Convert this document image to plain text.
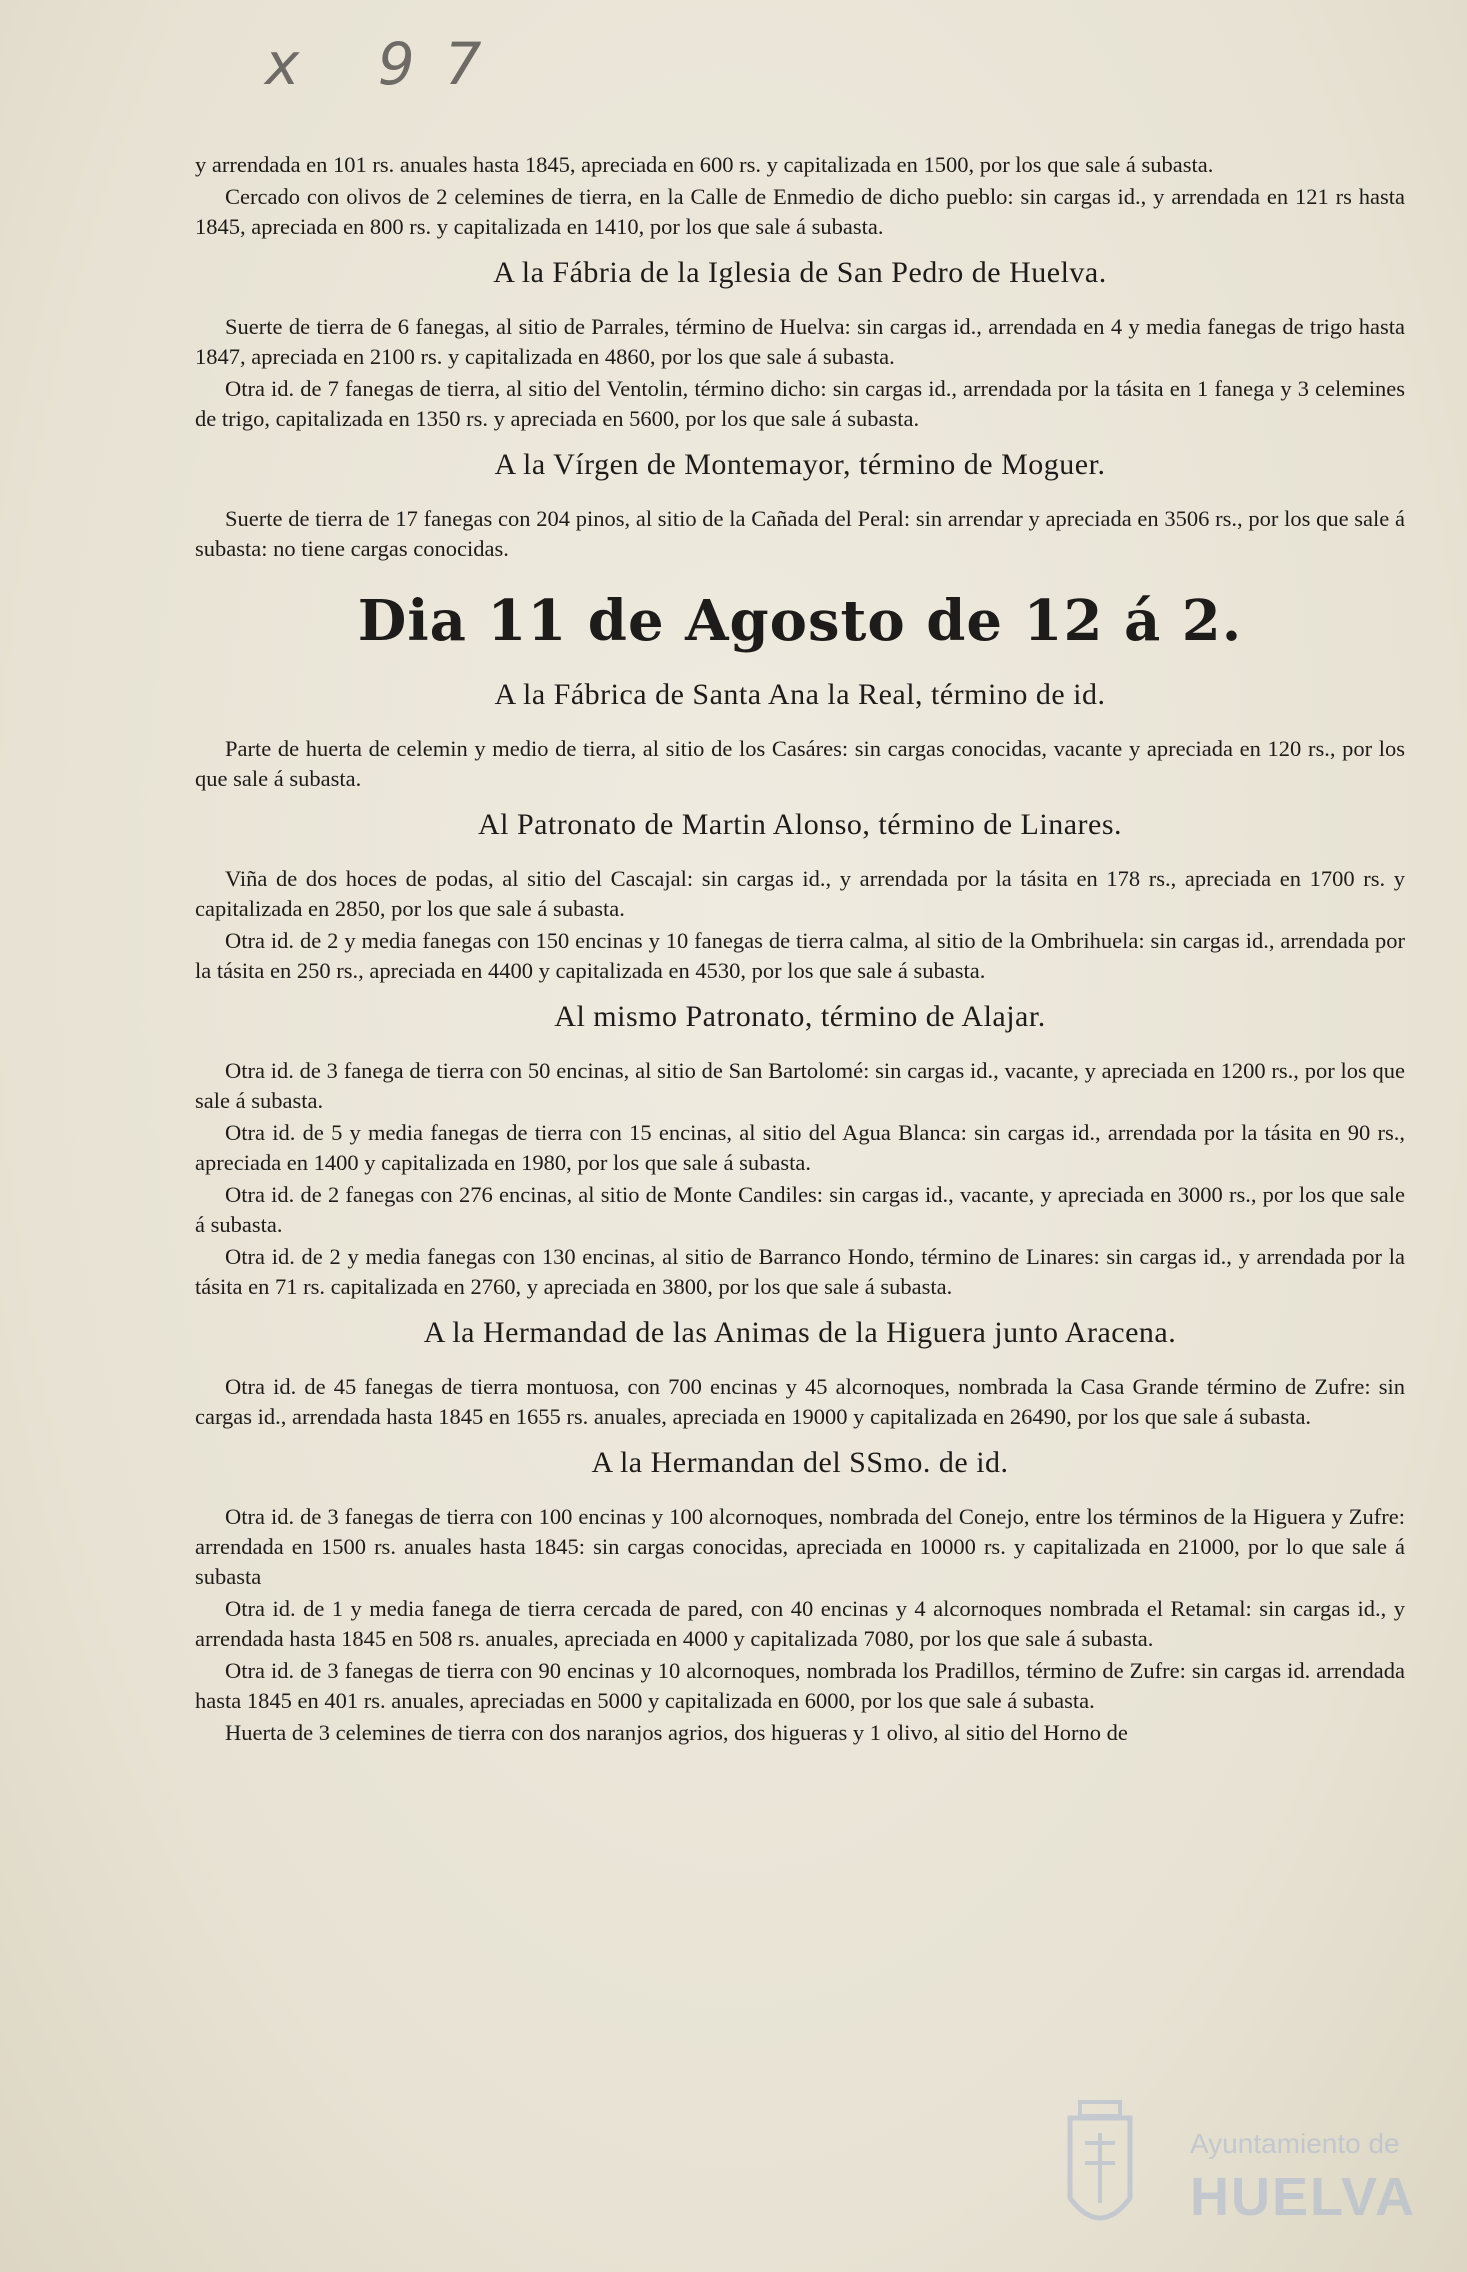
x 97

y arrendada en 101 rs. anuales hasta 1845, apreciada en 600 rs. y capitalizada en 1500, por los que sale á subasta.

Cercado con olivos de 2 celemines de tierra, en la Calle de Enmedio de dicho pueblo: sin cargas id., y arrendada en 121 rs hasta 1845, apreciada en 800 rs. y capitalizada en 1410, por los que sale á subasta.

A la Fábria de la Iglesia de San Pedro de Huelva.

Suerte de tierra de 6 fanegas, al sitio de Parrales, término de Huelva: sin cargas id., arrendada en 4 y media fanegas de trigo hasta 1847, apreciada en 2100 rs. y capitalizada en 4860, por los que sale á subasta.

Otra id. de 7 fanegas de tierra, al sitio del Ventolin, término dicho: sin cargas id., arrendada por la tásita en 1 fanega y 3 celemines de trigo, capitalizada en 1350 rs. y apreciada en 5600, por los que sale á subasta.

A la Vírgen de Montemayor, término de Moguer.

Suerte de tierra de 17 fanegas con 204 pinos, al sitio de la Cañada del Peral: sin arrendar y apreciada en 3506 rs., por los que sale á subasta: no tiene cargas conocidas.

Dia 11 de Agosto de 12 á 2.
A la Fábrica de Santa Ana la Real, término de id.

Parte de huerta de celemin y medio de tierra, al sitio de los Casáres: sin cargas conocidas, vacante y apreciada en 120 rs., por los que sale á subasta.

Al Patronato de Martin Alonso, término de Linares.

Viña de dos hoces de podas, al sitio del Cascajal: sin cargas id., y arrendada por la tásita en 178 rs., apreciada en 1700 rs. y capitalizada en 2850, por los que sale á subasta.

Otra id. de 2 y media fanegas con 150 encinas y 10 fanegas de tierra calma, al sitio de la Ombrihuela: sin cargas id., arrendada por la tásita en 250 rs., apreciada en 4400 y capitalizada en 4530, por los que sale á subasta.

Al mismo Patronato, término de Alajar.

Otra id. de 3 fanega de tierra con 50 encinas, al sitio de San Bartolomé: sin cargas id., vacante, y apreciada en 1200 rs., por los que sale á subasta.

Otra id. de 5 y media fanegas de tierra con 15 encinas, al sitio del Agua Blanca: sin cargas id., arrendada por la tásita en 90 rs., apreciada en 1400 y capitalizada en 1980, por los que sale á subasta.

Otra id. de 2 fanegas con 276 encinas, al sitio de Monte Candiles: sin cargas id., vacante, y apreciada en 3000 rs., por los que sale á subasta.

Otra id. de 2 y media fanegas con 130 encinas, al sitio de Barranco Hondo, término de Linares: sin cargas id., y arrendada por la tásita en 71 rs. capitalizada en 2760, y apreciada en 3800, por los que sale á subasta.

A la Hermandad de las Animas de la Higuera junto Aracena.

Otra id. de 45 fanegas de tierra montuosa, con 700 encinas y 45 alcornoques, nombrada la Casa Grande término de Zufre: sin cargas id., arrendada hasta 1845 en 1655 rs. anuales, apreciada en 19000 y capitalizada en 26490, por los que sale á subasta.

A la Hermandan del SSmo. de id.

Otra id. de 3 fanegas de tierra con 100 encinas y 100 alcornoques, nombrada del Conejo, entre los términos de la Higuera y Zufre: arrendada en 1500 rs. anuales hasta 1845: sin cargas conocidas, apreciada en 10000 rs. y capitalizada en 21000, por lo que sale á subasta

Otra id. de 1 y media fanega de tierra cercada de pared, con 40 encinas y 4 alcornoques nombrada el Retamal: sin cargas id., y arrendada hasta 1845 en 508 rs. anuales, apreciada en 4000 y capitalizada 7080, por los que sale á subasta.

Otra id. de 3 fanegas de tierra con 90 encinas y 10 alcornoques, nombrada los Pradillos, término de Zufre: sin cargas id. arrendada hasta 1845 en 401 rs. anuales, apreciadas en 5000 y capitalizada en 6000, por los que sale á subasta.

Huerta de 3 celemines de tierra con dos naranjos agrios, dos higueras y 1 olivo, al sitio del Horno de

Ayuntamiento de
HUELVA
